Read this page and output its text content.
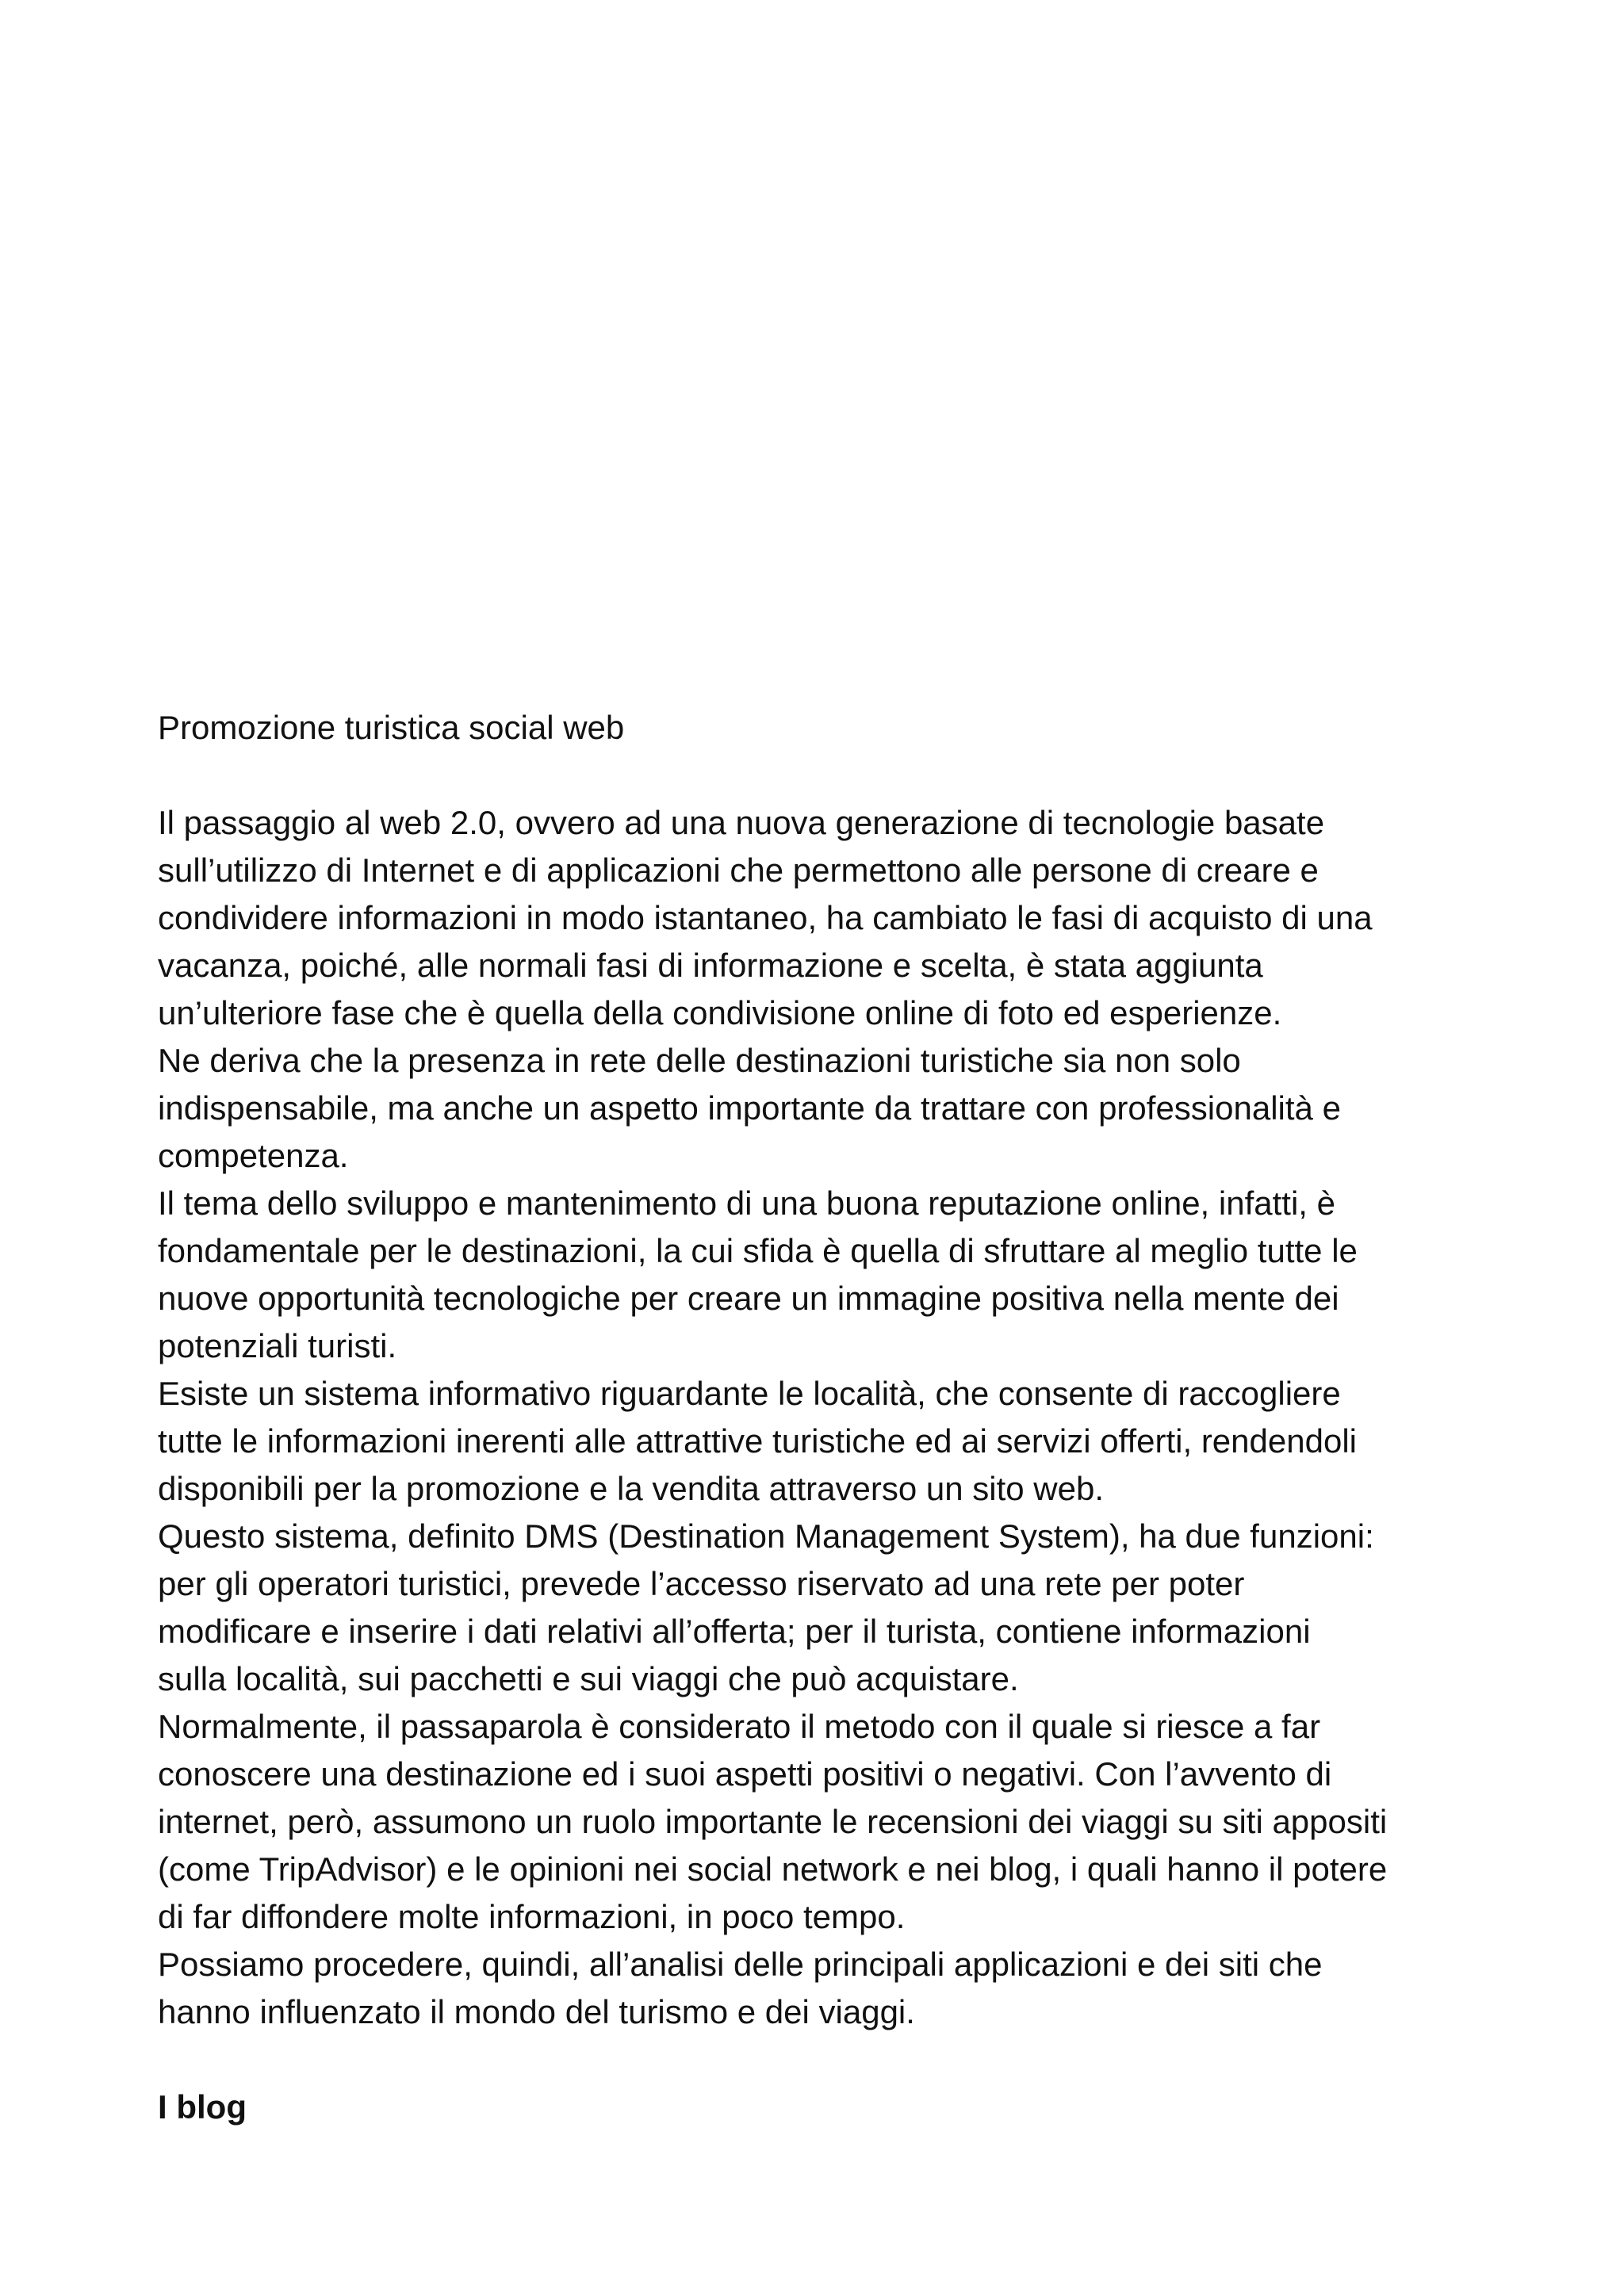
Promozione turistica social web
Il passaggio al web 2.0, ovvero ad una nuova generazione di tecnologie basate
sull’utilizzo di Internet e di applicazioni che permettono alle persone di creare e
condividere informazioni in modo istantaneo, ha cambiato le fasi di acquisto di una
vacanza, poiché, alle normali fasi di informazione e scelta, è stata aggiunta
un’ulteriore fase che è quella della condivisione online di foto ed esperienze.
Ne deriva che la presenza in rete delle destinazioni turistiche sia non solo
indispensabile, ma anche un aspetto importante da trattare con professionalità e
competenza.
Il tema dello sviluppo e mantenimento di una buona reputazione online, infatti, è
fondamentale per le destinazioni, la cui sfida è quella di sfruttare al meglio tutte le
nuove opportunità tecnologiche per creare un immagine positiva nella mente dei
potenziali turisti.
Esiste un sistema informativo riguardante le località, che consente di raccogliere
tutte le informazioni inerenti alle attrattive turistiche ed ai servizi offerti, rendendoli
disponibili per la promozione e la vendita attraverso un sito web.
Questo sistema, definito DMS (Destination Management System), ha due funzioni:
per gli operatori turistici, prevede l’accesso riservato ad una rete per poter
modificare e inserire i dati relativi all’offerta; per il turista, contiene informazioni
sulla località, sui pacchetti e sui viaggi che può acquistare.
Normalmente, il passaparola è considerato il metodo con il quale si riesce a far
conoscere una destinazione ed i suoi aspetti positivi o negativi. Con l’avvento di
internet, però, assumono un ruolo importante le recensioni dei viaggi su siti appositi
(come TripAdvisor) e le opinioni nei social network e nei blog, i quali hanno il potere
di far diffondere molte informazioni, in poco tempo.
Possiamo procedere, quindi, all’analisi delle principali applicazioni e dei siti che
hanno influenzato il mondo del turismo e dei viaggi.
I blog
